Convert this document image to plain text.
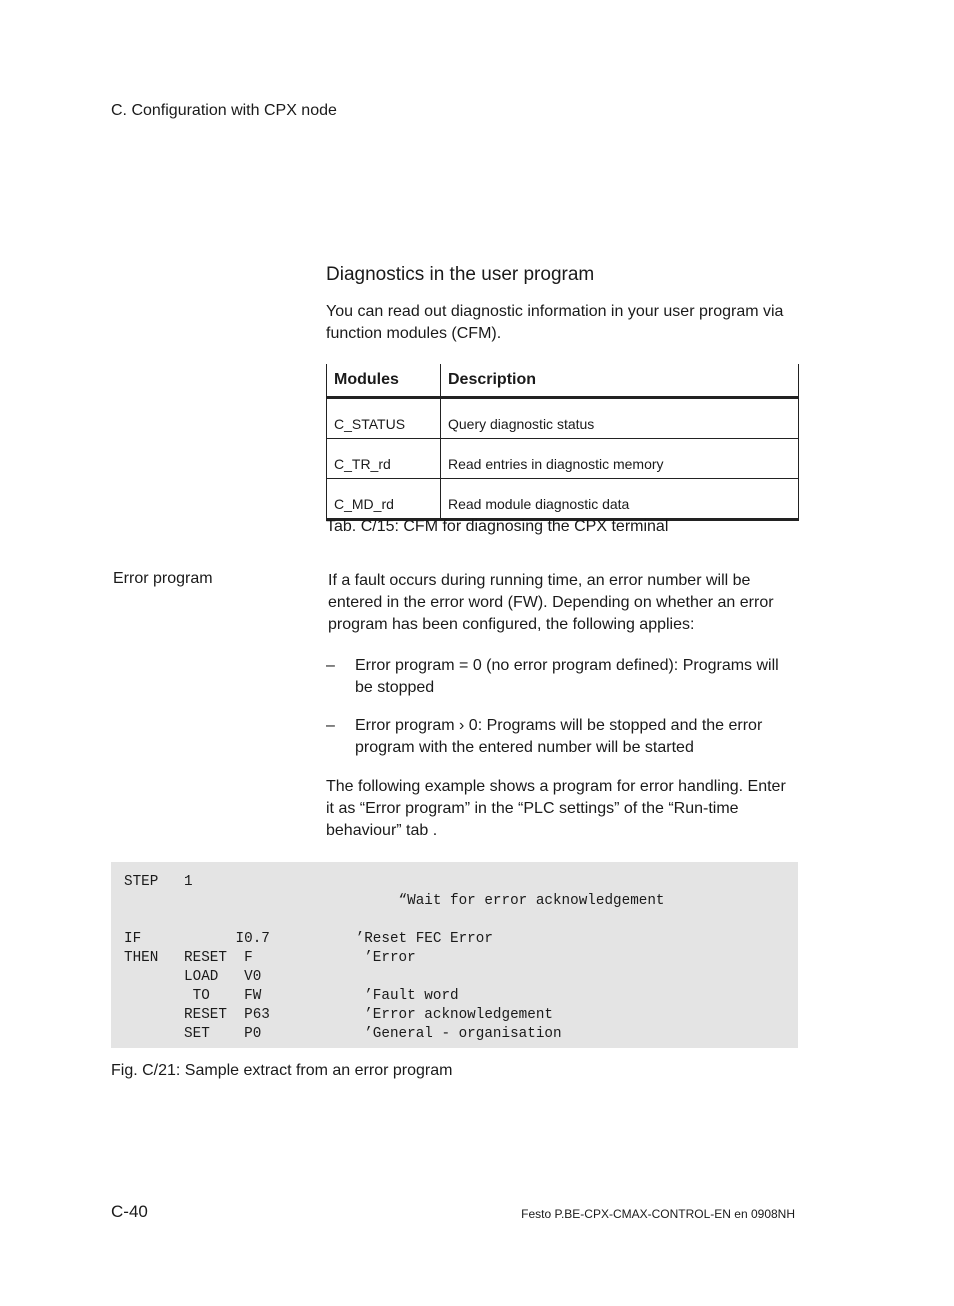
C. Configuration with CPX node
Diagnostics in the user program
You can read out diagnostic information in your user program via function modules (CFM).
Modules	Description
C_STATUS	Query diagnostic status
C_TR_rd	Read entries in diagnostic memory
C_MD_rd	Read module diagnostic data
Tab. C/15: CFM for diagnosing the CPX terminal
Error program	If a fault occurs during running time, an error number will be entered in the error word (FW). Depending on whether an error program has been configured, the following applies:
–	Error program = 0 (no error program defined): Programs will be stopped
–	Error program › 0: Programs will be stopped and the error program with the entered number will be started
The following example shows a program for error handling. Enter it as “Error program” in the “PLC settings” of the “Run-time behaviour” tab .
STEP   1
“Wait for error acknowledgement

IF           I0.7          ’Reset FEC Error
THEN   RESET  F             ’Error
LOAD   V0
TO    FW            ’Fault word
RESET  P63           ’Error acknowledgement
SET    P0            ’General - organisation
Fig. C/21: Sample extract from an error program
C-40	Festo P.BE-CPX-CMAX-CONTROL-EN en 0908NH
